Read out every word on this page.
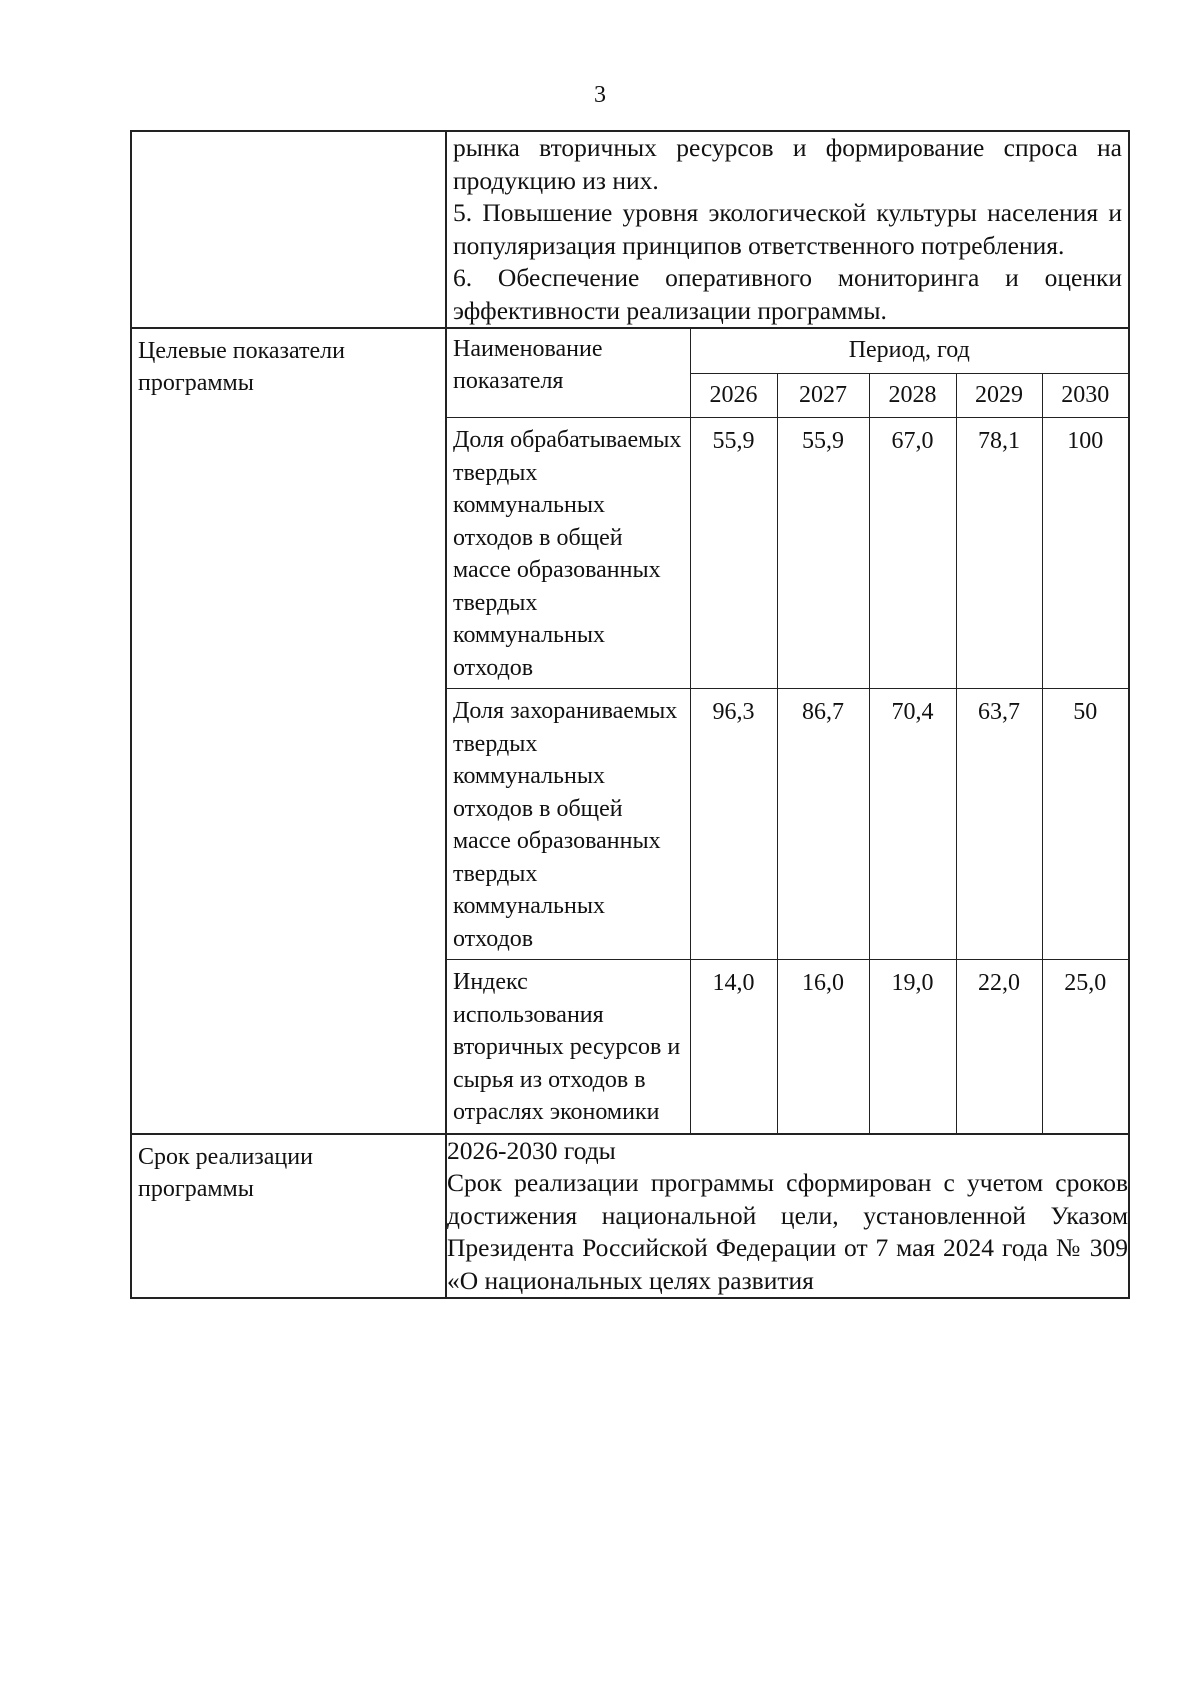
3

рынка вторичных ресурсов и формирование спроса на продукцию из них.
5. Повышение уровня экологической культуры населения и популяризация принципов ответственного потребления.
6. Обеспечение оперативного мониторинга и оценки эффективности реализации программы.

Целевые показатели
программы

Наименование
показателя	Период, год
2026	2027	2028	2029	2030
Доля обрабатываемых твердых коммунальных отходов в общей массе образованных твердых коммунальных отходов	55,9	55,9	67,0	78,1	100
Доля захораниваемых твердых коммунальных отходов в общей массе образованных твердых коммунальных отходов	96,3	86,7	70,4	63,7	50
Индекс использования вторичных ресурсов и сырья из отходов в отраслях экономики	14,0	16,0	19,0	22,0	25,0

Срок реализации
программы

2026-2030 годы
Срок реализации программы сформирован с учетом сроков достижения национальной цели, установленной Указом Президента Российской Федерации от 7 мая 2024 года № 309 «О национальных целях развития
